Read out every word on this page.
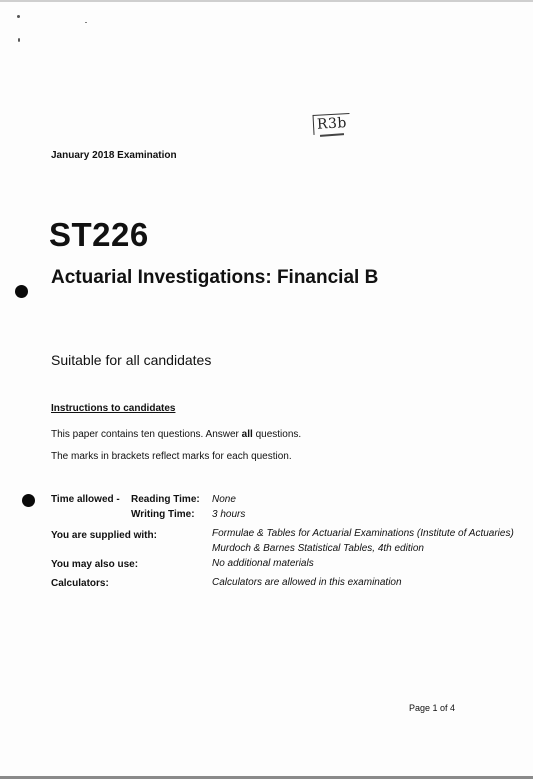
R3b
January 2018 Examination
ST226
Actuarial Investigations: Financial B
Suitable for all candidates
Instructions to candidates
This paper contains ten questions. Answer all questions.
The marks in brackets reflect marks for each question.
Time allowed - Reading Time: None
Writing Time: 3 hours
You are supplied with:	Formulae & Tables for Actuarial Examinations (Institute of Actuaries)
Murdoch & Barnes Statistical Tables, 4th edition
You may also use:	No additional materials
Calculators:	Calculators are allowed in this examination
Page 1 of 4
